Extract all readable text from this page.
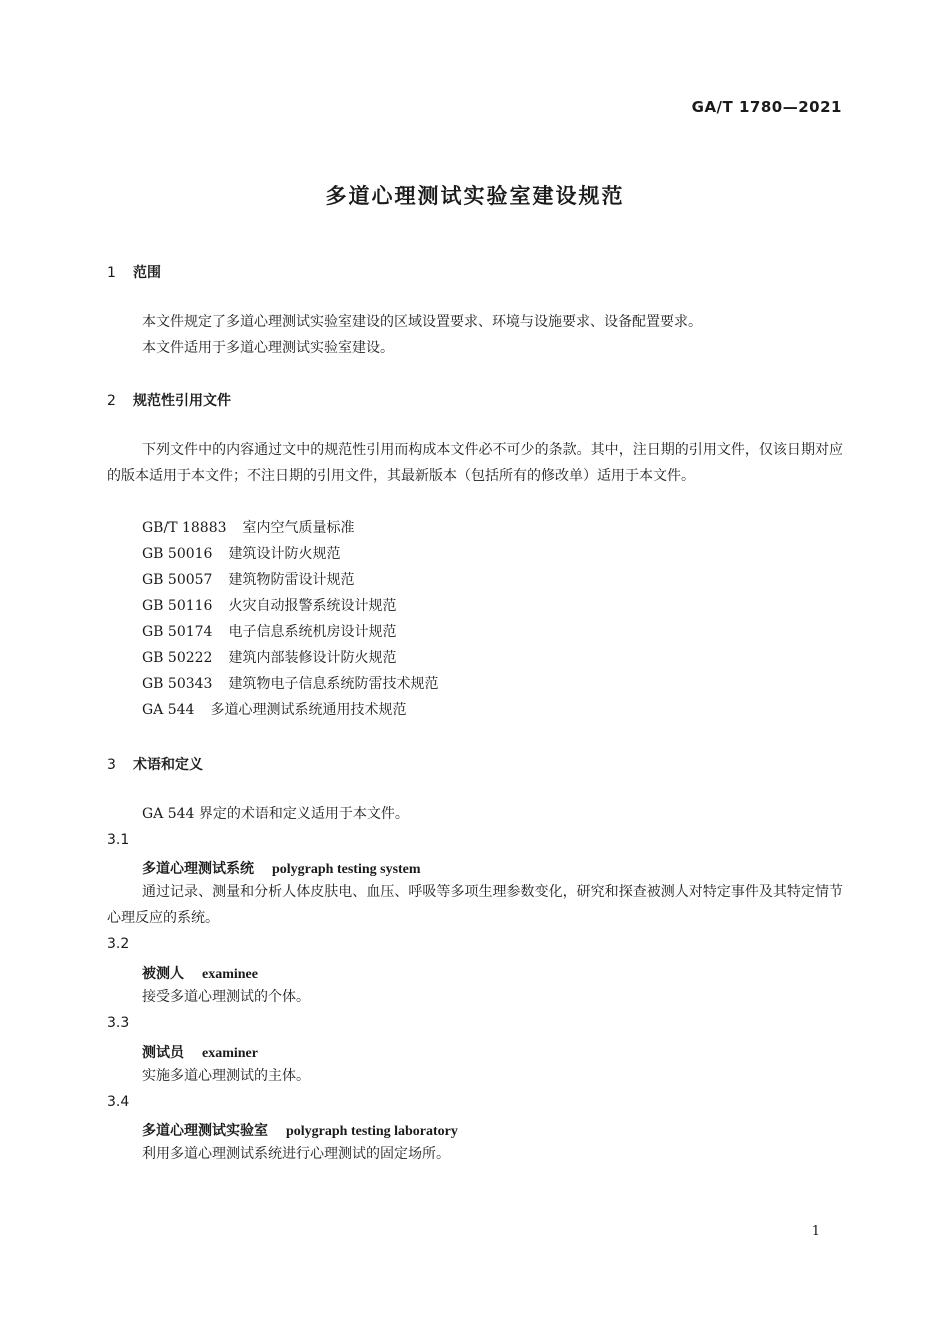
GA/T 1780—2021
多道心理测试实验室建设规范
1 范围
本文件规定了多道心理测试实验室建设的区域设置要求、环境与设施要求、设备配置要求。
本文件适用于多道心理测试实验室建设。
2 规范性引用文件
下列文件中的内容通过文中的规范性引用而构成本文件必不可少的条款。其中，注日期的引用文件，仅该日期对应的版本适用于本文件；不注日期的引用文件，其最新版本（包括所有的修改单）适用于本文件。
GB/T 18883 室内空气质量标准
GB 50016 建筑设计防火规范
GB 50057 建筑物防雷设计规范
GB 50116 火灾自动报警系统设计规范
GB 50174 电子信息系统机房设计规范
GB 50222 建筑内部装修设计防火规范
GB 50343 建筑物电子信息系统防雷技术规范
GA 544 多道心理测试系统通用技术规范
3 术语和定义
GA 544 界定的术语和定义适用于本文件。
3.1
多道心理测试系统 polygraph testing system
通过记录、测量和分析人体皮肤电、血压、呼吸等多项生理参数变化，研究和探查被测人对特定事件及其特定情节心理反应的系统。
3.2
被测人 examinee
接受多道心理测试的个体。
3.3
测试员 examiner
实施多道心理测试的主体。
3.4
多道心理测试实验室 polygraph testing laboratory
利用多道心理测试系统进行心理测试的固定场所。
1
